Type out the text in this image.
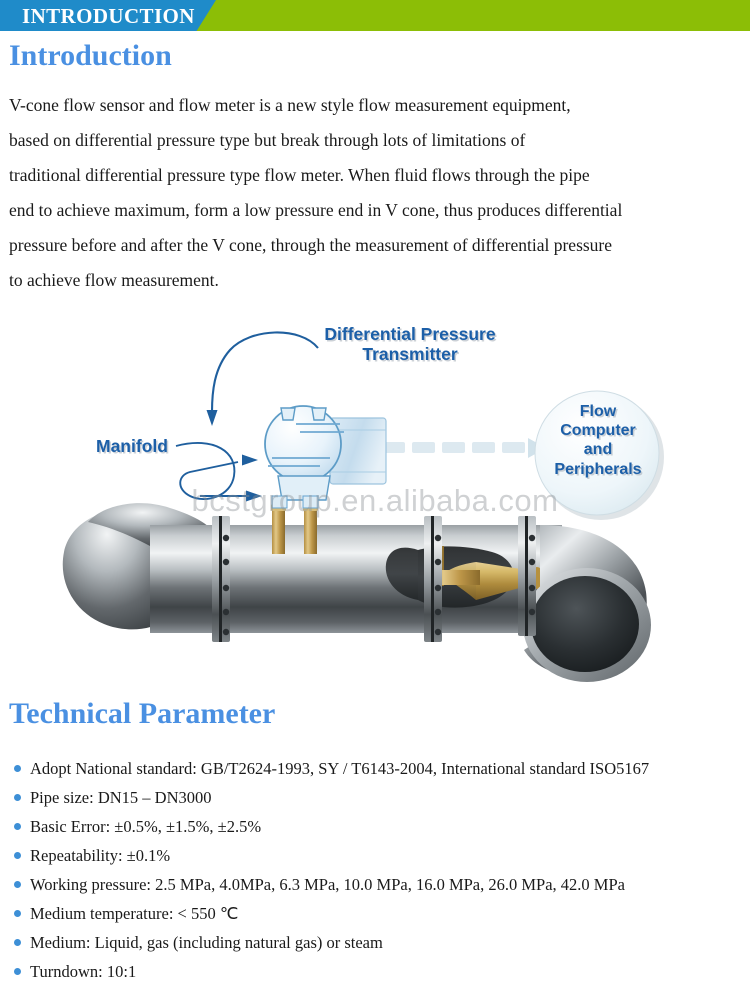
INTRODUCTION
Introduction
V-cone flow sensor and flow meter is a new style flow measurement equipment,
based on differential pressure type but break through lots of limitations of
traditional differential pressure type flow meter. When fluid flows through the pipe
end to achieve maximum, form a low pressure end in V cone, thus produces differential
pressure before and after the V cone, through the measurement of differential pressure
to achieve flow measurement.
Differential Pressure
Transmitter
Manifold
Flow
Computer
and
Peripherals
bcstgroup.en.alibaba.com
Technical Parameter
Adopt National standard: GB/T2624-1993, SY / T6143-2004, International standard ISO5167
Pipe size: DN15 – DN3000
Basic Error: ±0.5%, ±1.5%, ±2.5%
Repeatability: ±0.1%
Working pressure: 2.5 MPa, 4.0MPa, 6.3 MPa, 10.0 MPa, 16.0 MPa, 26.0 MPa, 42.0 MPa
Medium temperature: < 550 ℃
Medium: Liquid, gas (including natural gas) or steam
Turndown: 10:1
